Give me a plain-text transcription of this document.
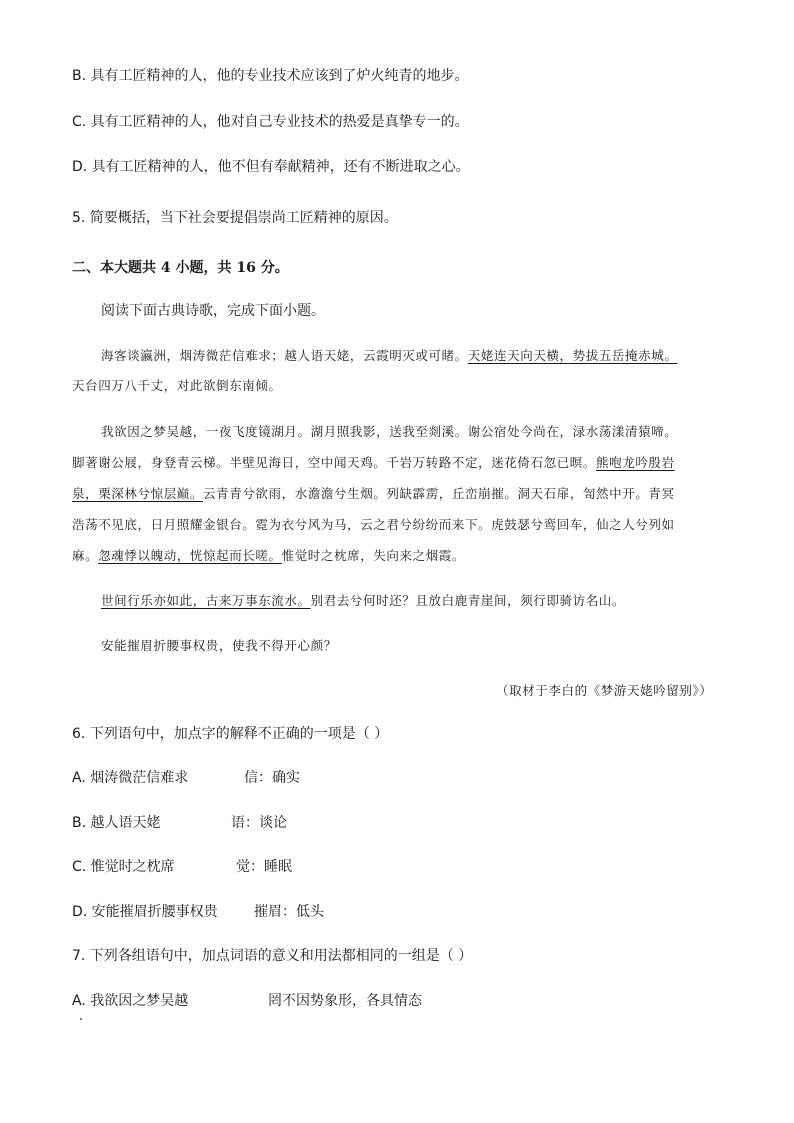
B. 具有工匠精神的人，他的专业技术应该到了炉火纯青的地步。
C. 具有工匠精神的人，他对自己专业技术的热爱是真挚专一的。
D. 具有工匠精神的人，他不但有奉献精神，还有不断进取之心。
5. 简要概括，当下社会要提倡崇尚工匠精神的原因。
二、本大题共 4 小题，共 16 分。
阅读下面古典诗歌，完成下面小题。
海客谈瀛洲，烟涛微茫信难求；越人语天姥，云霞明灭或可睹。天姥连天向天横，势拔五岳掩赤城。
天台四万八千丈，对此欲倒东南倾。
我欲因之梦吴越，一夜飞度镜湖月。湖月照我影，送我至剡溪。谢公宿处今尚在，渌水荡漾清猿啼。
脚著谢公屐，身登青云梯。半壁见海日，空中闻天鸡。千岩万转路不定，迷花倚石忽已暝。熊咆龙吟殷岩
泉，栗深林兮惊层巅。云青青兮欲雨，水澹澹兮生烟。列缺霹雳，丘峦崩摧。洞天石扉，訇然中开。青冥
浩荡不见底，日月照耀金银台。霓为衣兮风为马，云之君兮纷纷而来下。虎鼓瑟兮鸾回车，仙之人兮列如
麻。忽魂悸以魄动，恍惊起而长嗟。惟觉时之枕席，失向来之烟霞。
世间行乐亦如此，古来万事东流水。别君去兮何时还？且放白鹿青崖间，须行即骑访名山。
安能摧眉折腰事权贵，使我不得开心颜？
（取材于李白的《梦游天姥吟留别》）
6. 下列语句中，加点字的解释不正确的一项是（ ）
A. 烟涛微茫信难求	信：确实
B. 越人语天姥	语：谈论
C. 惟觉时之枕席	觉：睡眠
D. 安能摧眉折腰事权贵	摧眉：低头
7. 下列各组语句中，加点词语的意义和用法都相同的一组是（ ）
A. 我欲因之梦吴越	罔不因势象形，各具情态
